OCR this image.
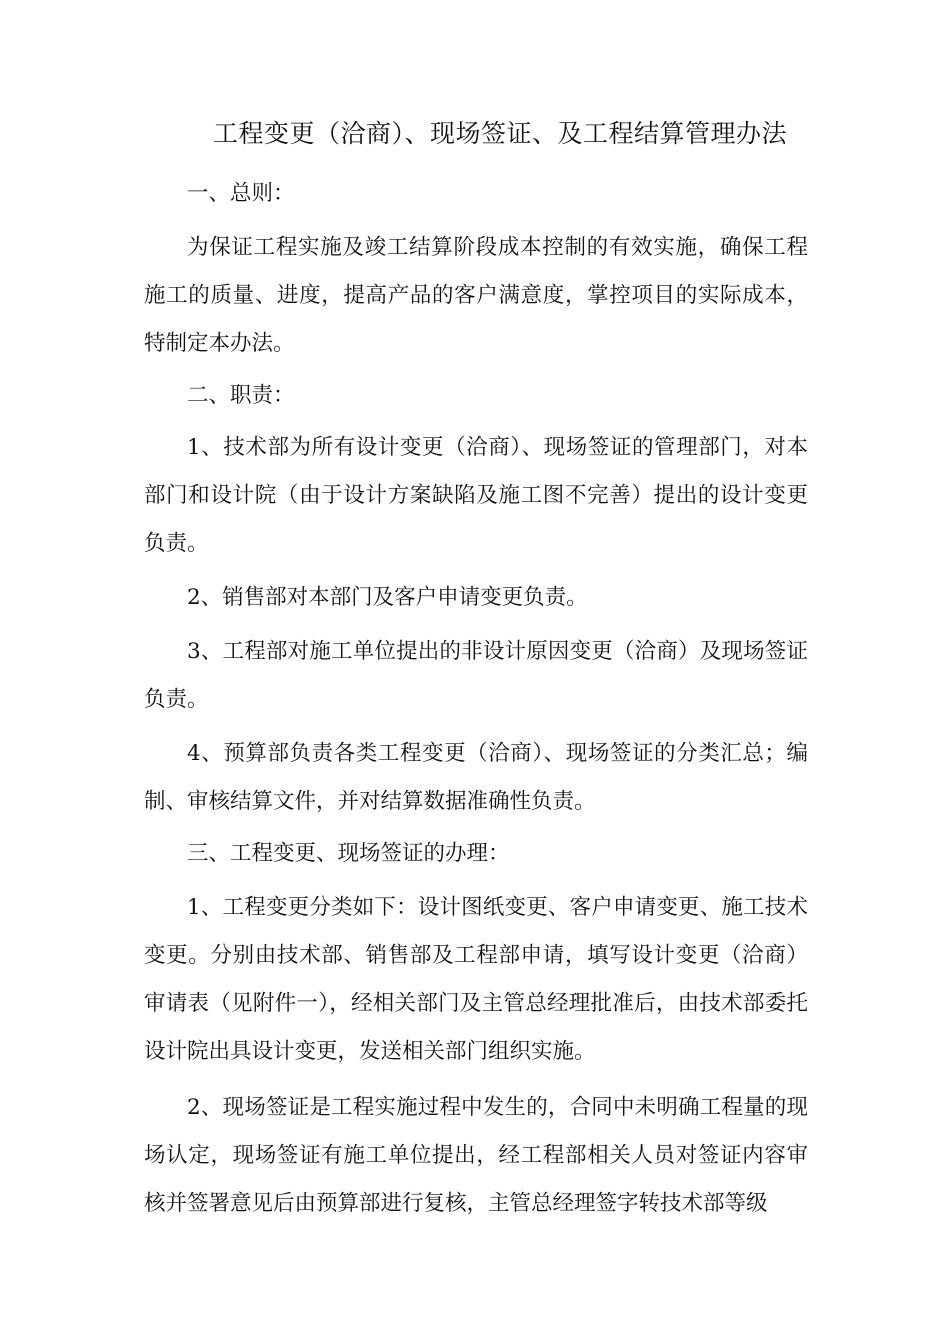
工程变更（洽商）、现场签证、及工程结算管理办法

一、总则：

为保证工程实施及竣工结算阶段成本控制的有效实施，确保工程施工的质量、进度，提高产品的客户满意度，掌控项目的实际成本，特制定本办法。

二、职责：

1、技术部为所有设计变更（洽商）、现场签证的管理部门，对本部门和设计院（由于设计方案缺陷及施工图不完善）提出的设计变更负责。

2、销售部对本部门及客户申请变更负责。

3、工程部对施工单位提出的非设计原因变更（洽商）及现场签证负责。

4、预算部负责各类工程变更（洽商）、现场签证的分类汇总；编制、审核结算文件，并对结算数据准确性负责。

三、工程变更、现场签证的办理：

1、工程变更分类如下：设计图纸变更、客户申请变更、施工技术变更。分别由技术部、销售部及工程部申请，填写设计变更（洽商）审请表（见附件一），经相关部门及主管总经理批准后，由技术部委托设计院出具设计变更，发送相关部门组织实施。

2、现场签证是工程实施过程中发生的，合同中未明确工程量的现场认定，现场签证有施工单位提出，经工程部相关人员对签证内容审核并签署意见后由预算部进行复核，主管总经理签字转技术部等级
